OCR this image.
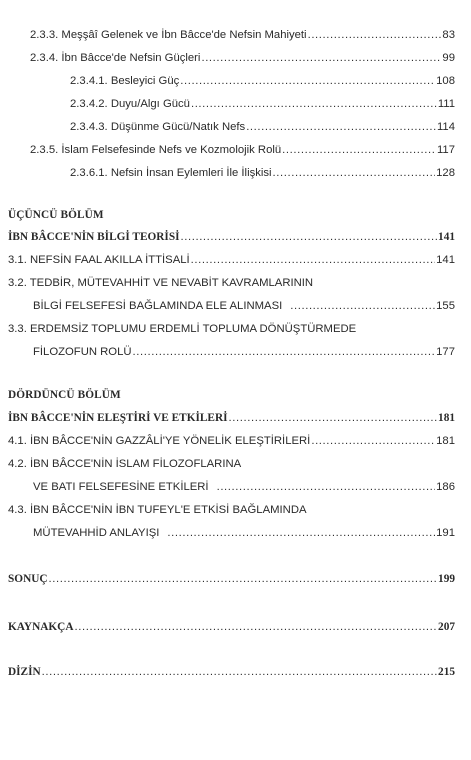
2.3.3. Meşşâî Gelenek ve İbn Bâcce'de Nefsin Mahiyeti .....	83
2.3.4. İbn Bâcce'de Nefsin Güçleri .....	99
2.3.4.1. Besleyici Güç .....	108
2.3.4.2. Duyu/Algı Gücü .....	111
2.3.4.3. Düşünme Gücü/Natık Nefs .....	114
2.3.5. İslam Felsefesinde Nefs ve Kozmolojik Rolü .....	117
2.3.6.1. Nefsin İnsan Eylemleri İle İlişkisi .....	128
ÜÇÜNCÜ BÖLÜM
İBN BÂCCE'NİN BİLGİ TEORİSİ .....	141
3.1. NEFSİN FAAL AKILLA İTTİSALİ .....	141
3.2. TEDBİR, MÜTEVAHHİT VE NEVABİT KAVRAMLARININ
BİLGİ FELSEFESİ BAĞLAMINDA ELE ALINMASI .....	155
3.3. ERDEMSİZ TOPLUMU ERDEMLİ TOPLUMA DÖNÜŞTÜRMEDE
FİLOZOFUN ROLÜ .....	177
DÖRDÜNCÜ BÖLÜM
İBN BÂCCE'NİN ELEŞTİRİ VE ETKİLERİ .....	181
4.1. İBN BÂCCE'NİN GAZZÂLİ'YE YÖNELİK ELEŞTİRİLERİ .....	181
4.2. İBN BÂCCE'NİN İSLAM FİLOZOFLARINA
VE BATI FELSEFESİNE ETKİLERİ .....	186
4.3. İBN BÂCCE'NİN İBN TUFEYL'E ETKİSİ BAĞLAMINDA
MÜTEVAHHİD ANLAYIŞI .....	191
SONUÇ .....	199
KAYNAKÇA .....	207
DİZİN .....	215
